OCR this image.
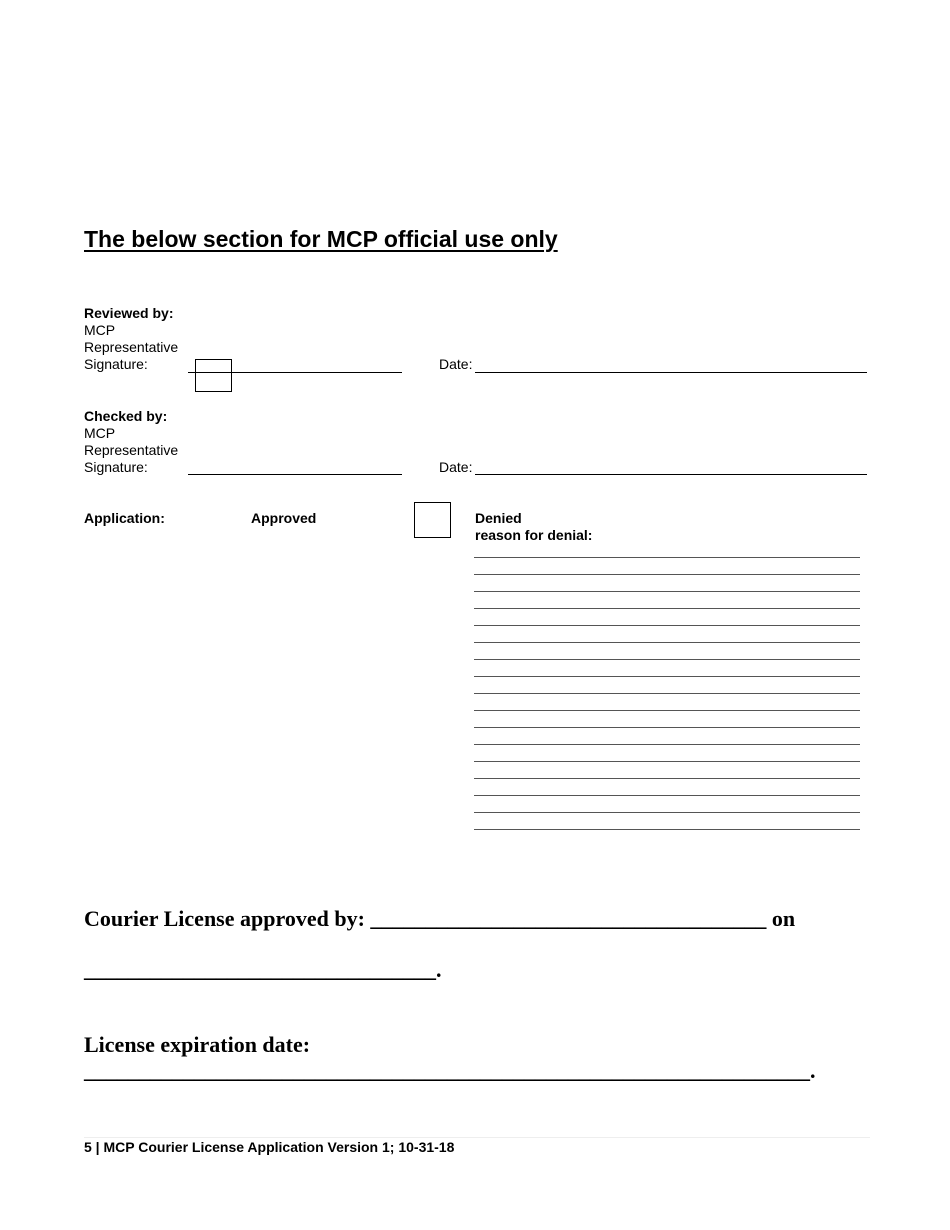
The below section for MCP official use only
Reviewed by:
MCP
Representative
Signature:	Date:
Checked by:
MCP
Representative
Signature:	Date:
Application:	Approved	Denied
reason for denial:
Courier License approved by: ____________________________________ on
________________________________.
License expiration date:
__________________________________________________________________.
5 | MCP Courier License Application Version 1; 10-31-18
